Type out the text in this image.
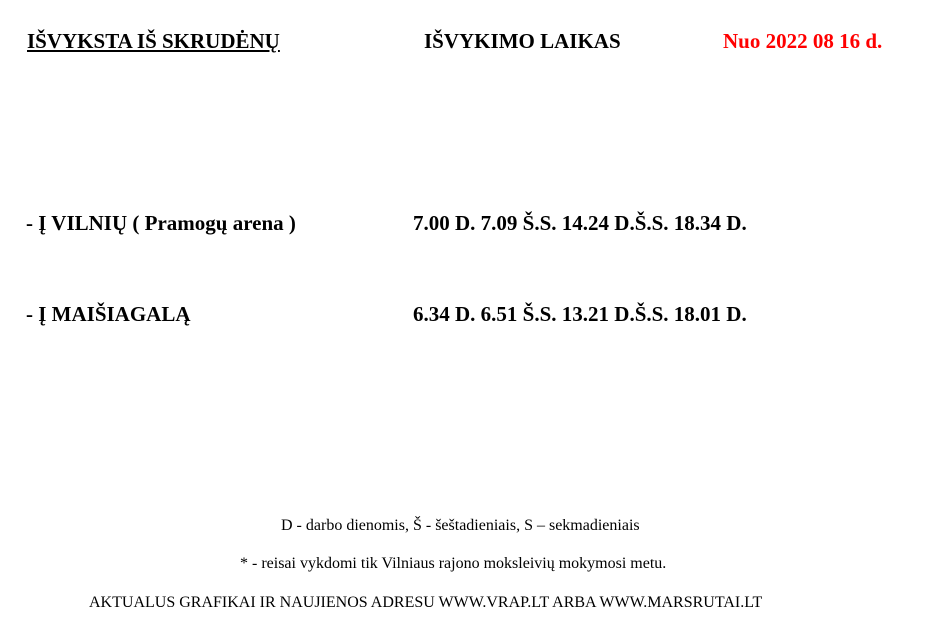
IŠVYKSTA IŠ SKRUDĖNŲ	IŠVYKIMO LAIKAS	Nuo 2022 08 16 d.
- Į VILNIŲ ( Pramogų arena )	7.00 D. 7.09 Š.S. 14.24 D.Š.S. 18.34 D.
- Į MAIŠIAGALĄ	6.34 D. 6.51 Š.S. 13.21 D.Š.S. 18.01 D.
D - darbo dienomis, Š - šeštadieniais, S – sekmadieniais
* - reisai vykdomi tik Vilniaus rajono moksleivių mokymosi metu.
AKTUALUS GRAFIKAI IR NAUJIENOS ADRESU WWW.VRAP.LT ARBA WWW.MARSRUTAI.LT
